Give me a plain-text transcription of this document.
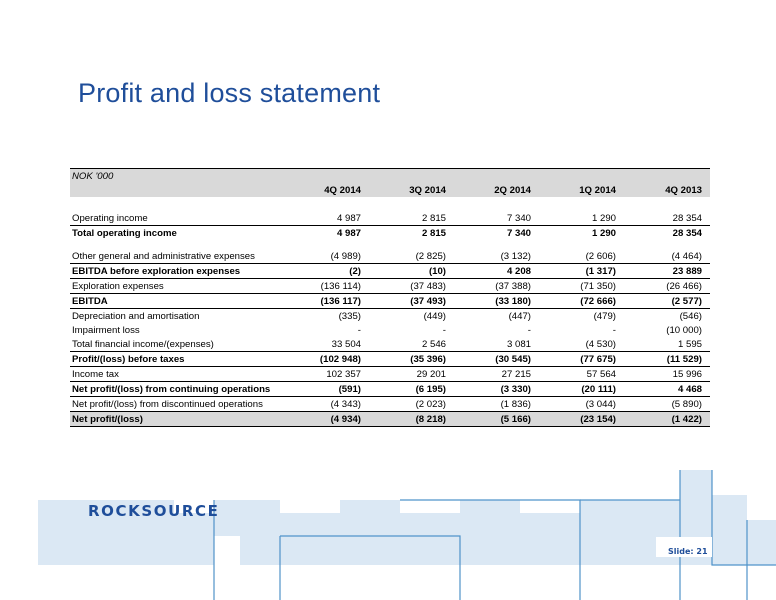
Profit and loss statement
NOK '000					
	4Q 2014	3Q 2014	2Q 2014	1Q 2014	4Q 2013

Operating income	4 987	2 815	7 340	1 290	28 354
Total operating income	4 987	2 815	7 340	1 290	28 354

Other general and administrative expenses	(4 989)	(2 825)	(3 132)	(2 606)	(4 464)
EBITDA before exploration expenses	(2)	(10)	4 208	(1 317)	23 889
Exploration expenses	(136 114)	(37 483)	(37 388)	(71 350)	(26 466)
EBITDA	(136 117)	(37 493)	(33 180)	(72 666)	(2 577)
Depreciation and amortisation	(335)	(449)	(447)	(479)	(546)
Impairment loss	-	-	-	-	(10 000)
Total financial income/(expenses)	33 504	2 546	3 081	(4 530)	1 595
Profit/(loss) before taxes	(102 948)	(35 396)	(30 545)	(77 675)	(11 529)
Income tax	102 357	29 201	27 215	57 564	15 996
Net profit/(loss) from continuing operations	(591)	(6 195)	(3 330)	(20 111)	4 468
Net profit/(loss) from discontinued operations	(4 343)	(2 023)	(1 836)	(3 044)	(5 890)
Net profit/(loss)	(4 934)	(8 218)	(5 166)	(23 154)	(1 422)
ROCKSOURCE
Slide: 21
